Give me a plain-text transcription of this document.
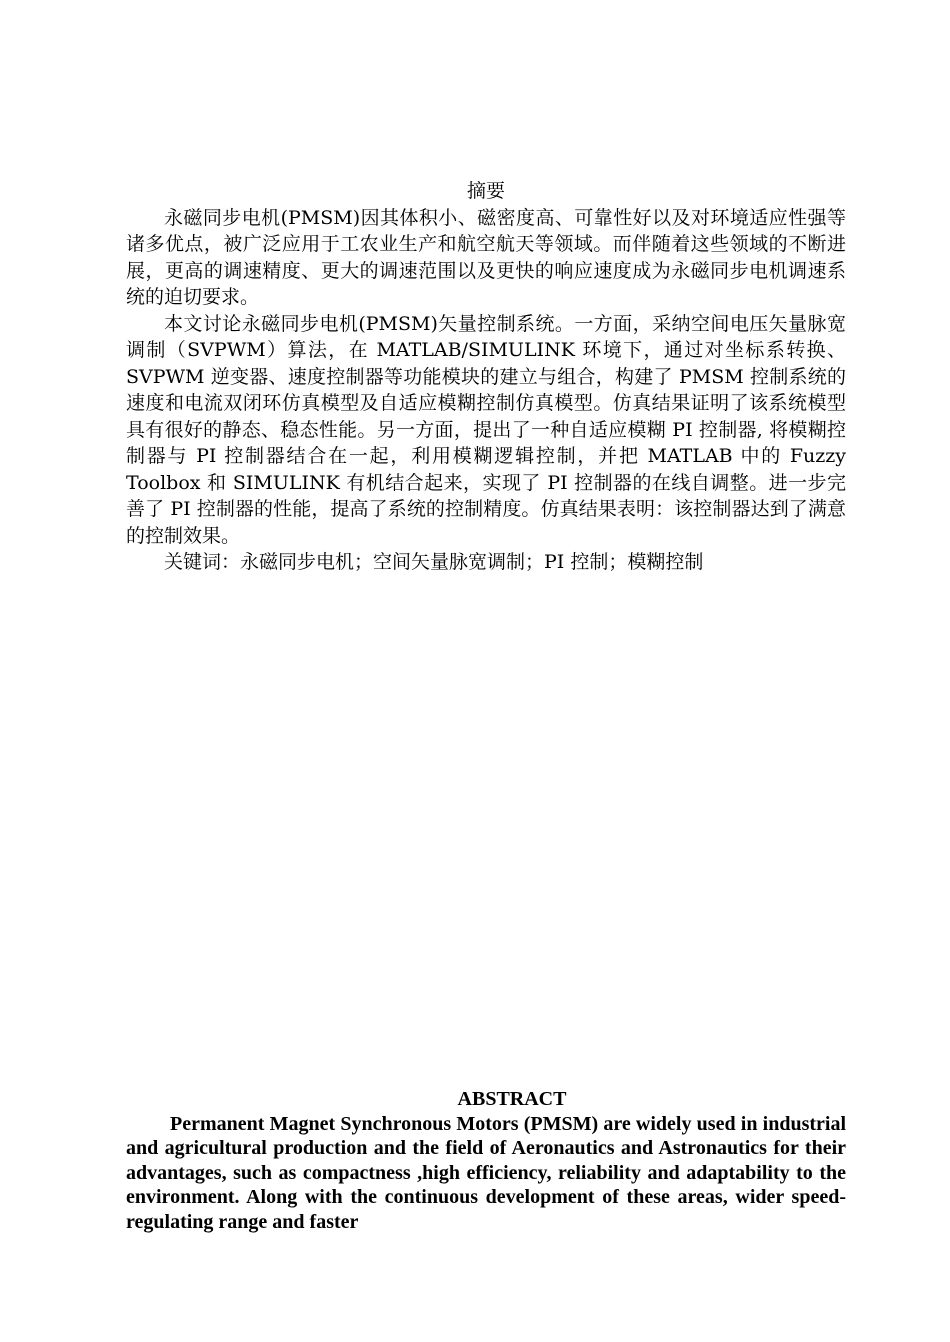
摘要

永磁同步电机(PMSM)因其体积小、磁密度高、可靠性好以及对环境适应性强等诸多优点，被广泛应用于工农业生产和航空航天等领域。而伴随着这些领域的不断进展，更高的调速精度、更大的调速范围以及更快的响应速度成为永磁同步电机调速系统的迫切要求。

本文讨论永磁同步电机(PMSM)矢量控制系统。一方面，采纳空间电压矢量脉宽调制（SVPWM）算法，在 MATLAB/SIMULINK 环境下，通过对坐标系转换、SVPWM 逆变器、速度控制器等功能模块的建立与组合，构建了 PMSM 控制系统的速度和电流双闭环仿真模型及自适应模糊控制仿真模型。仿真结果证明了该系统模型具有很好的静态、稳态性能。另一方面，提出了一种自适应模糊 PI 控制器, 将模糊控制器与 PI 控制器结合在一起，利用模糊逻辑控制，并把 MATLAB 中的 Fuzzy Toolbox 和 SIMULINK 有机结合起来，实现了 PI 控制器的在线自调整。进一步完善了 PI 控制器的性能，提高了系统的控制精度。仿真结果表明：该控制器达到了满意的控制效果。

关键词：永磁同步电机；空间矢量脉宽调制；PI 控制；模糊控制

ABSTRACT

Permanent Magnet Synchronous Motors (PMSM) are widely used in industrial and agricultural production and the field of Aeronautics and Astronautics for their advantages, such as compactness ,high efficiency, reliability and adaptability to the environment. Along with the continuous development of these areas, wider speed-regulating range and faster
